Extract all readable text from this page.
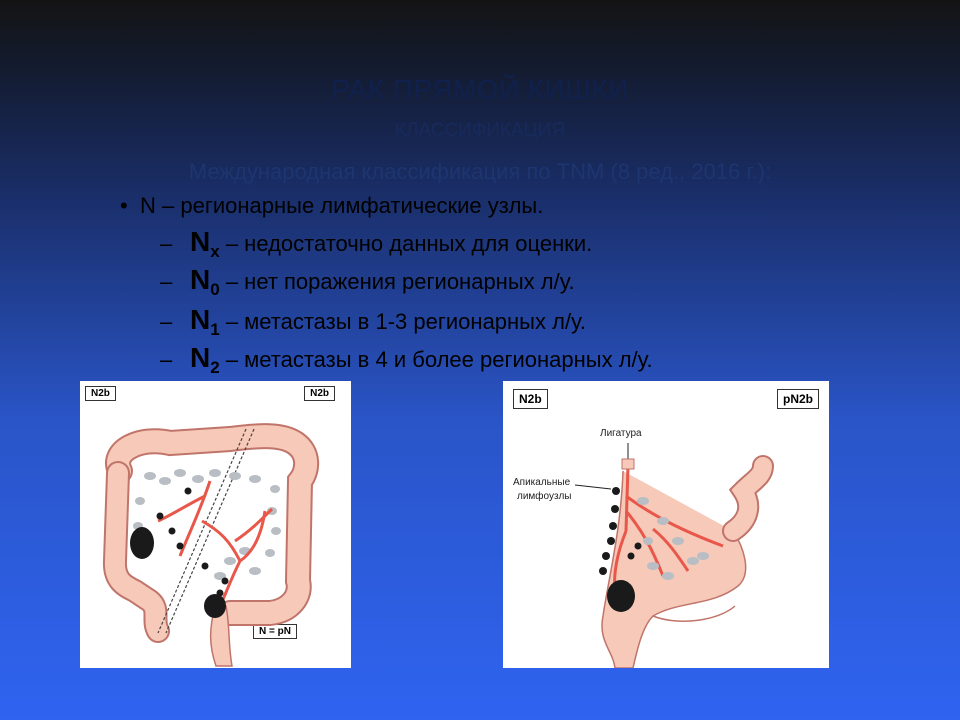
РАК ПРЯМОЙ КИШКИ
КЛАССИФИКАЦИЯ
Международная классификация по TNM (8 ред., 2016 г.):
• N – регионарные лимфатические узлы.
– $N_x$ – недостаточно данных для оценки.
– $N_0$ – нет поражения регионарных л/у.
– $N_1$ – метастазы в 1-3 регионарных л/у.
– $N_2$ – метастазы в 4 и более регионарных л/у.
N2b	N2b
N = pN
N2b	pN2b
Лигатура
Апикальные
лимфоузлы
